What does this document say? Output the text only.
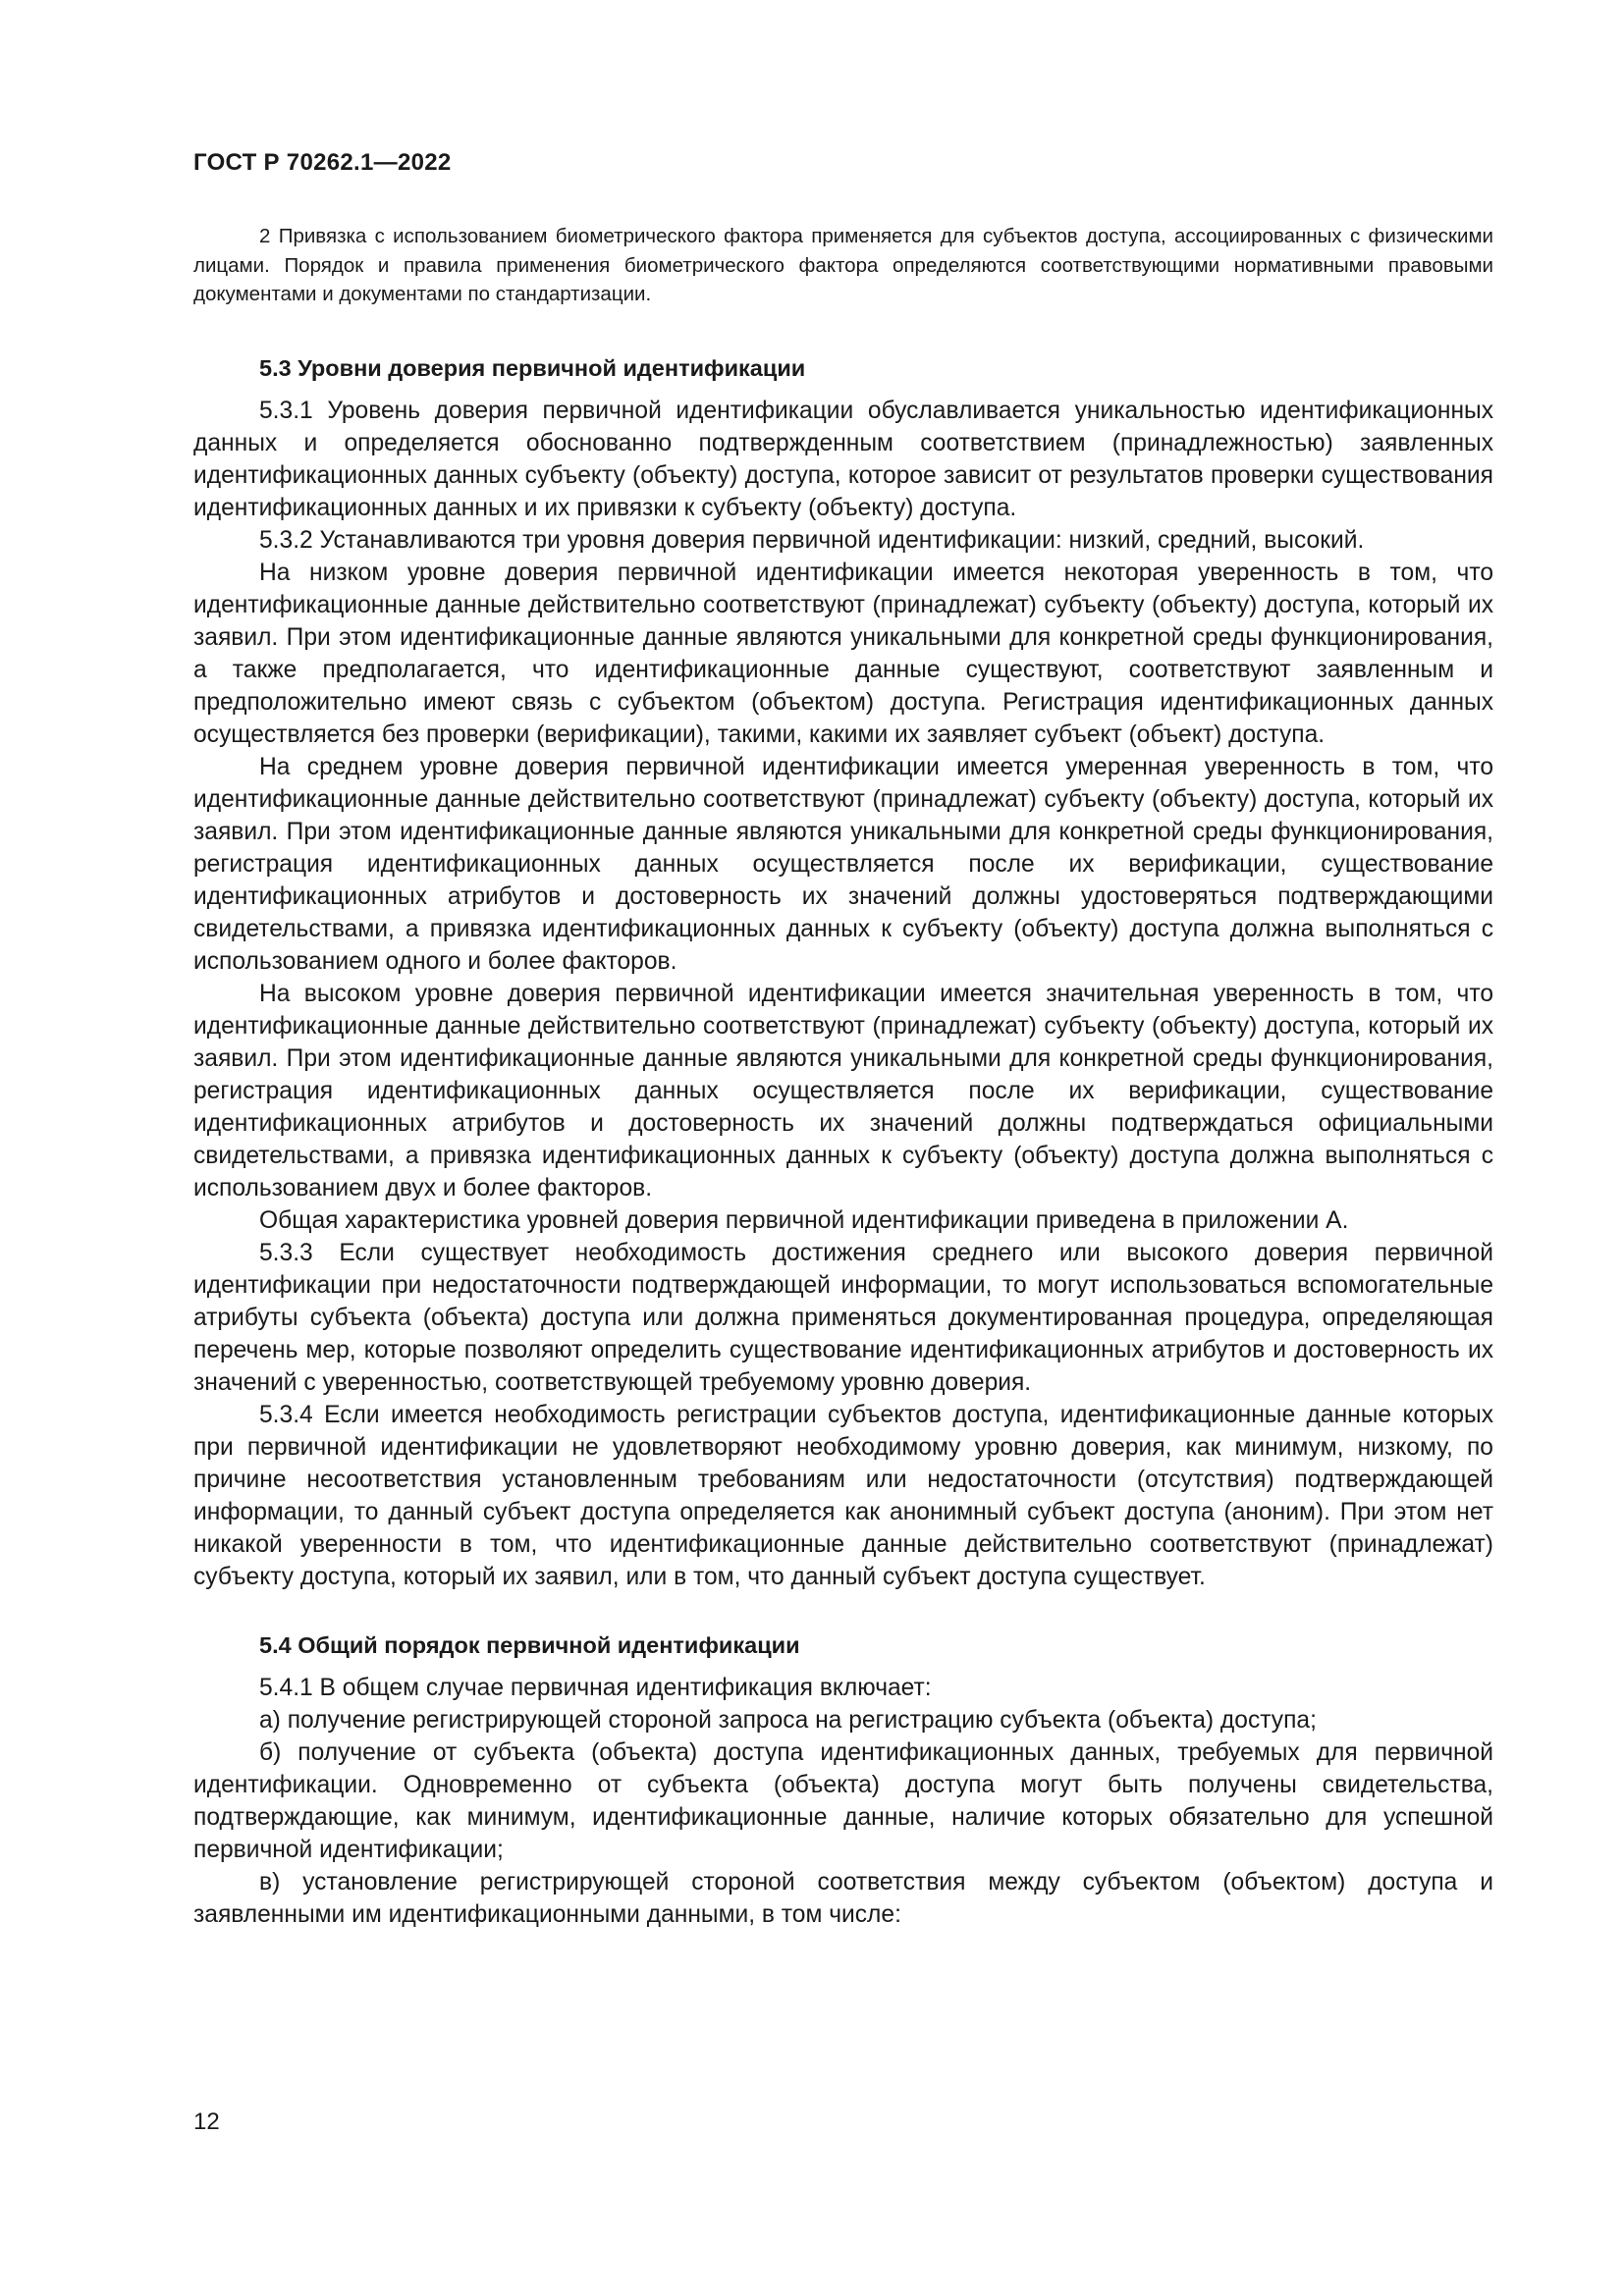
ГОСТ Р 70262.1—2022

2 Привязка с использованием биометрического фактора применяется для субъектов доступа, ассоциированных с физическими лицами. Порядок и правила применения биометрического фактора определяются соответствующими нормативными правовыми документами и документами по стандартизации.

5.3 Уровни доверия первичной идентификации

5.3.1 Уровень доверия первичной идентификации обуславливается уникальностью идентификационных данных и определяется обоснованно подтвержденным соответствием (принадлежностью) заявленных идентификационных данных субъекту (объекту) доступа, которое зависит от результатов проверки существования идентификационных данных и их привязки к субъекту (объекту) доступа.

5.3.2 Устанавливаются три уровня доверия первичной идентификации: низкий, средний, высокий.

На низком уровне доверия первичной идентификации имеется некоторая уверенность в том, что идентификационные данные действительно соответствуют (принадлежат) субъекту (объекту) доступа, который их заявил. При этом идентификационные данные являются уникальными для конкретной среды функционирования, а также предполагается, что идентификационные данные существуют, соответствуют заявленным и предположительно имеют связь с субъектом (объектом) доступа. Регистрация идентификационных данных осуществляется без проверки (верификации), такими, какими их заявляет субъект (объект) доступа.

На среднем уровне доверия первичной идентификации имеется умеренная уверенность в том, что идентификационные данные действительно соответствуют (принадлежат) субъекту (объекту) доступа, который их заявил. При этом идентификационные данные являются уникальными для конкретной среды функционирования, регистрация идентификационных данных осуществляется после их верификации, существование идентификационных атрибутов и достоверность их значений должны удостоверяться подтверждающими свидетельствами, а привязка идентификационных данных к субъекту (объекту) доступа должна выполняться с использованием одного и более факторов.

На высоком уровне доверия первичной идентификации имеется значительная уверенность в том, что идентификационные данные действительно соответствуют (принадлежат) субъекту (объекту) доступа, который их заявил. При этом идентификационные данные являются уникальными для конкретной среды функционирования, регистрация идентификационных данных осуществляется после их верификации, существование идентификационных атрибутов и достоверность их значений должны подтверждаться официальными свидетельствами, а привязка идентификационных данных к субъекту (объекту) доступа должна выполняться с использованием двух и более факторов.

Общая характеристика уровней доверия первичной идентификации приведена в приложении А.

5.3.3 Если существует необходимость достижения среднего или высокого доверия первичной идентификации при недостаточности подтверждающей информации, то могут использоваться вспомогательные атрибуты субъекта (объекта) доступа или должна применяться документированная процедура, определяющая перечень мер, которые позволяют определить существование идентификационных атрибутов и достоверность их значений с уверенностью, соответствующей требуемому уровню доверия.

5.3.4 Если имеется необходимость регистрации субъектов доступа, идентификационные данные которых при первичной идентификации не удовлетворяют необходимому уровню доверия, как минимум, низкому, по причине несоответствия установленным требованиям или недостаточности (отсутствия) подтверждающей информации, то данный субъект доступа определяется как анонимный субъект доступа (аноним). При этом нет никакой уверенности в том, что идентификационные данные действительно соответствуют (принадлежат) субъекту доступа, который их заявил, или в том, что данный субъект доступа существует.

5.4 Общий порядок первичной идентификации

5.4.1 В общем случае первичная идентификация включает:

а) получение регистрирующей стороной запроса на регистрацию субъекта (объекта) доступа;

б) получение от субъекта (объекта) доступа идентификационных данных, требуемых для первичной идентификации. Одновременно от субъекта (объекта) доступа могут быть получены свидетельства, подтверждающие, как минимум, идентификационные данные, наличие которых обязательно для успешной первичной идентификации;

в) установление регистрирующей стороной соответствия между субъектом (объектом) доступа и заявленными им идентификационными данными, в том числе:

12
